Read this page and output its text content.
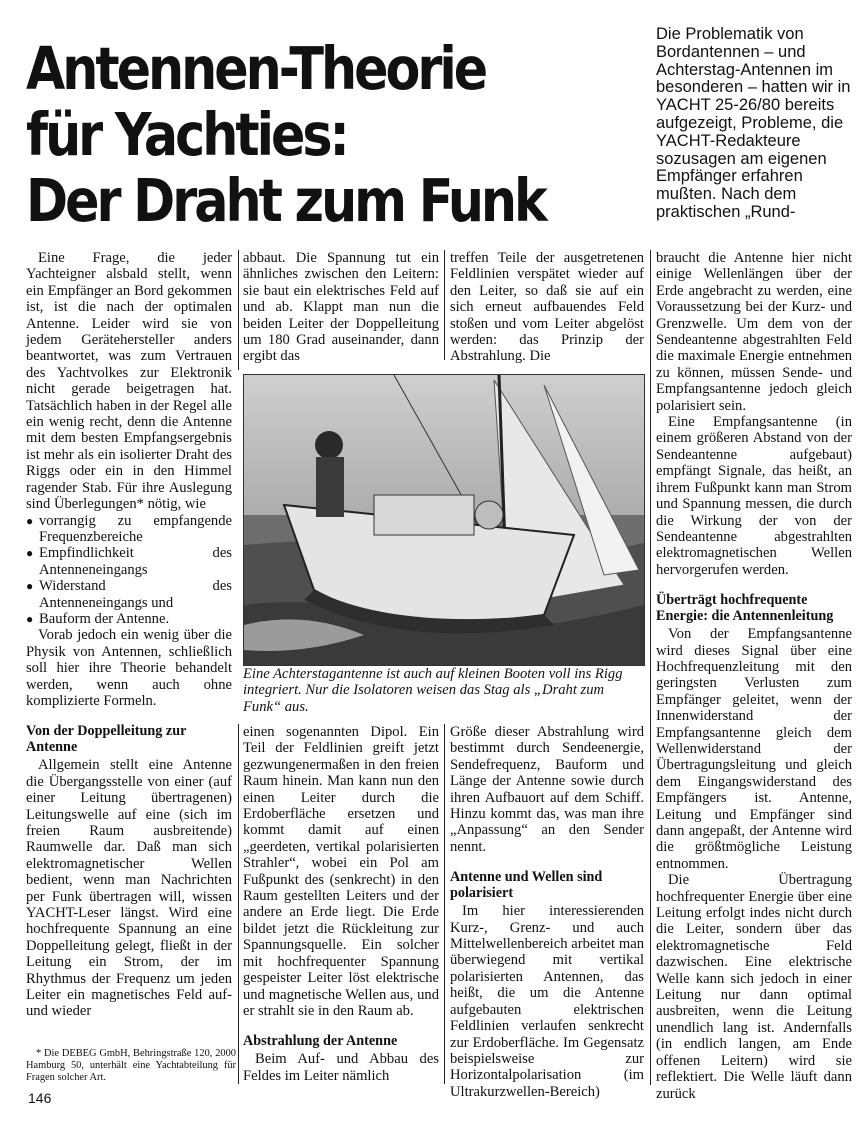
Antennen-Theorie
für Yachties:
Der Draht zum Funk
Die Problematik von Bordantennen – und Achterstag-Antennen im besonderen – hatten wir in YACHT 25-26/80 bereits aufgezeigt, Probleme, die YACHT-Redakteure sozusagen am eigenen Empfänger erfahren mußten. Nach dem praktischen „Rund-

Eine Frage, die jeder Yachteigner alsbald stellt, wenn ein Empfänger an Bord gekommen ist, ist die nach der optimalen Antenne. Leider wird sie von jedem Gerätehersteller anders beantwortet, was zum Vertrauen des Yachtvolkes zur Elektronik nicht gerade beigetragen hat. Tatsächlich haben in der Regel alle ein wenig recht, denn die Antenne mit dem besten Empfangsergebnis ist mehr als ein isolierter Draht des Riggs oder ein in den Himmel ragender Stab. Für ihre Auslegung sind Überlegungen* nötig, wie

● vorrangig zu empfangende Frequenzbereiche
● Empfindlichkeit des Antenneneingangs
● Widerstand des Antenneneingangs und
● Bauform der Antenne.

Vorab jedoch ein wenig über die Physik von Antennen, schließlich soll hier ihre Theorie behandelt werden, wenn auch ohne komplizierte Formeln.

Von der Doppelleitung zur Antenne

Allgemein stellt eine Antenne die Übergangsstelle von einer (auf einer Leitung übertragenen) Leitungswelle auf eine (sich im freien Raum ausbreitende) Raumwelle dar. Daß man sich elektromagnetischer Wellen bedient, wenn man Nachrichten per Funk übertragen will, wissen YACHT-Leser längst. Wird eine hochfrequente Spannung an eine Doppelleitung gelegt, fließt in der Leitung ein Strom, der im Rhythmus der Frequenz um jeden Leiter ein magnetisches Feld auf- und wieder

abbaut. Die Spannung tut ein ähnliches zwischen den Leitern: sie baut ein elektrisches Feld auf und ab. Klappt man nun die beiden Leiter der Doppelleitung um 180 Grad auseinander, dann ergibt das

treffen Teile der ausgetretenen Feldlinien verspätet wieder auf den Leiter, so daß sie auf ein sich erneut aufbauendes Feld stoßen und vom Leiter abgelöst werden: das Prinzip der Abstrahlung. Die

Eine Achterstagantenne ist auch auf kleinen Booten voll ins Rigg integriert. Nur die Isolatoren weisen das Stag als „Draht zum Funk“ aus.

einen sogenannten Dipol. Ein Teil der Feldlinien greift jetzt gezwungenermaßen in den freien Raum hinein. Man kann nun den einen Leiter durch die Erdoberfläche ersetzen und kommt damit auf einen „geerdeten, vertikal polarisierten Strahler“, wobei ein Pol am Fußpunkt des (senkrecht) in den Raum gestellten Leiters und der andere an Erde liegt. Die Erde bildet jetzt die Rückleitung zur Spannungsquelle. Ein solcher mit hochfrequenter Spannung gespeister Leiter löst elektrische und magnetische Wellen aus, und er strahlt sie in den Raum ab.

Abstrahlung der Antenne

Beim Auf- und Abbau des Feldes im Leiter nämlich

Größe dieser Abstrahlung wird bestimmt durch Sendeenergie, Sendefrequenz, Bauform und Länge der Antenne sowie durch ihren Aufbauort auf dem Schiff. Hinzu kommt das, was man ihre „Anpassung“ an den Sender nennt.

Antenne und Wellen sind polarisiert

Im hier interessierenden Kurz-, Grenz- und auch Mittelwellenbereich arbeitet man überwiegend mit vertikal polarisierten Antennen, das heißt, die um die Antenne aufgebauten elektrischen Feldlinien verlaufen senkrecht zur Erdoberfläche. Im Gegensatz beispielsweise zur Horizontalpolarisation (im Ultrakurzwellen-Bereich)

braucht die Antenne hier nicht einige Wellenlängen über der Erde angebracht zu werden, eine Voraussetzung bei der Kurz- und Grenzwelle. Um dem von der Sendeantenne abgestrahlten Feld die maximale Energie entnehmen zu können, müssen Sende- und Empfangsantenne jedoch gleich polarisiert sein.

Eine Empfangsantenne (in einem größeren Abstand von der Sendeantenne aufgebaut) empfängt Signale, das heißt, an ihrem Fußpunkt kann man Strom und Spannung messen, die durch die Wirkung der von der Sendeantenne abgestrahlten elektromagnetischen Wellen hervorgerufen werden.

Überträgt hochfrequente Energie: die Antennenleitung

Von der Empfangsantenne wird dieses Signal über eine Hochfrequenzleitung mit den geringsten Verlusten zum Empfänger geleitet, wenn der Innenwiderstand der Empfangsantenne gleich dem Wellenwiderstand der Übertragungsleitung und gleich dem Eingangswiderstand des Empfängers ist. Antenne, Leitung und Empfänger sind dann angepaßt, der Antenne wird die größtmögliche Leistung entnommen.

Die Übertragung hochfrequenter Energie über eine Leitung erfolgt indes nicht durch die Leiter, sondern über das elektromagnetische Feld dazwischen. Eine elektrische Welle kann sich jedoch in einer Leitung nur dann optimal ausbreiten, wenn die Leitung unendlich lang ist. Andernfalls (in endlich langen, am Ende offenen Leitern) wird sie reflektiert. Die Welle läuft dann zurück

* Die DEBEG GmbH, Behringstraße 120, 2000 Hamburg 50, unterhält eine Yachtabteilung für Fragen solcher Art.

146
